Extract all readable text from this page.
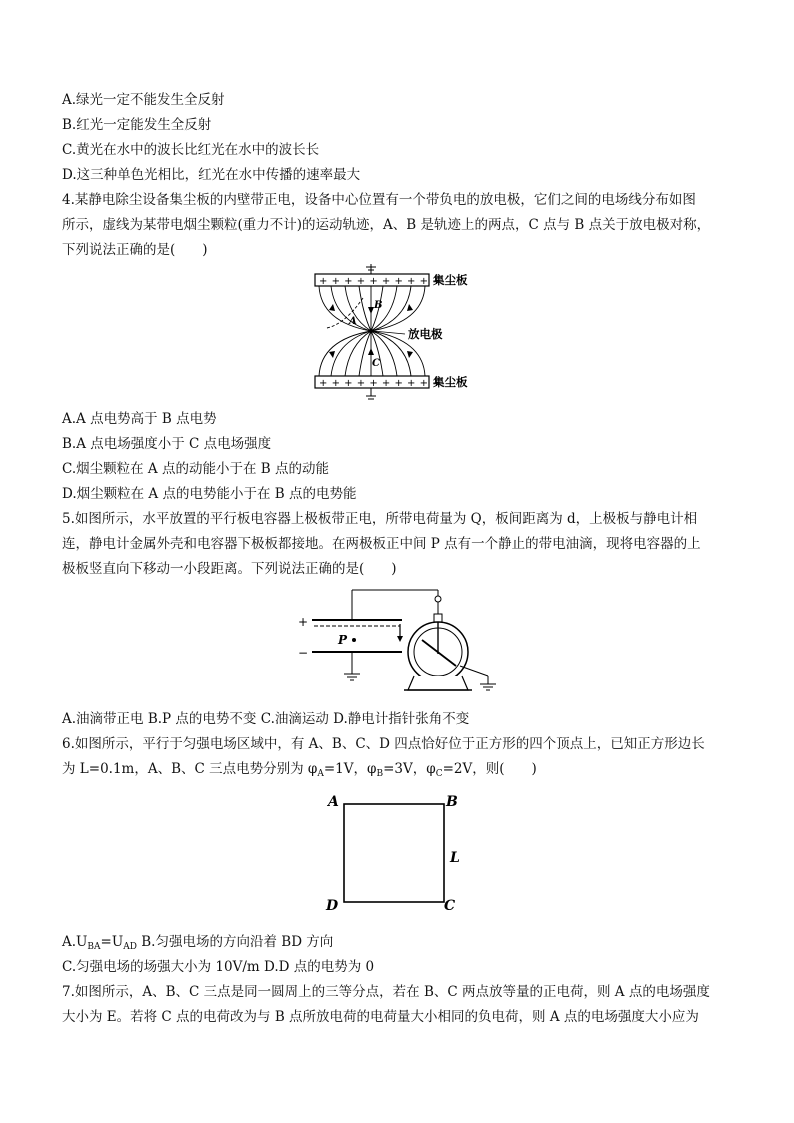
A.绿光一定不能发生全反射
B.红光一定能发生全反射
C.黄光在水中的波长比红光在水中的波长长
D.这三种单色光相比，红光在水中传播的速率最大
4.某静电除尘设备集尘板的内壁带正电，设备中心位置有一个带负电的放电极，它们之间的电场线分布如图
所示，虚线为某带电烟尘颗粒(重力不计)的运动轨迹，A、B 是轨迹上的两点，C 点与 B 点关于放电极对称，
下列说法正确的是(　　)
++++++++++
++++++++++
A
B
C
集尘板
放电极
集尘板
A.A 点电势高于 B 点电势
B.A 点电场强度小于 C 点电场强度
C.烟尘颗粒在 A 点的动能小于在 B 点的动能
D.烟尘颗粒在 A 点的电势能小于在 B 点的电势能
5.如图所示，水平放置的平行板电容器上极板带正电，所带电荷量为 Q，板间距离为 d，上极板与静电计相
连，静电计金属外壳和电容器下极板都接地。在两极板正中间 P 点有一个静止的带电油滴，现将电容器的上
极板竖直向下移动一小段距离。下列说法正确的是(　　)
+
−
P
A.油滴带正电 B.P 点的电势不变 C.油滴运动 D.静电计指针张角不变
6.如图所示，平行于匀强电场区域中，有 A、B、C、D 四点恰好位于正方形的四个顶点上，已知正方形边长
为 L=0.1m，A、B、C 三点电势分别为 $\varphi_A=1V$，$\varphi_B=3V$，$\varphi_C=2V$，则(　　)
A	B
C
D
L
$A.U_{BA}=U_{AD}$ B.匀强电场的方向沿着 BD 方向
C.匀强电场的场强大小为 10V/m D.D 点的电势为 0
7.如图所示，A、B、C 三点是同一圆周上的三等分点，若在 B、C 两点放等量的正电荷，则 A 点的电场强度
大小为 E。若将 C 点的电荷改为与 B 点所放电荷的电荷量大小相同的负电荷，则 A 点的电场强度大小应为
